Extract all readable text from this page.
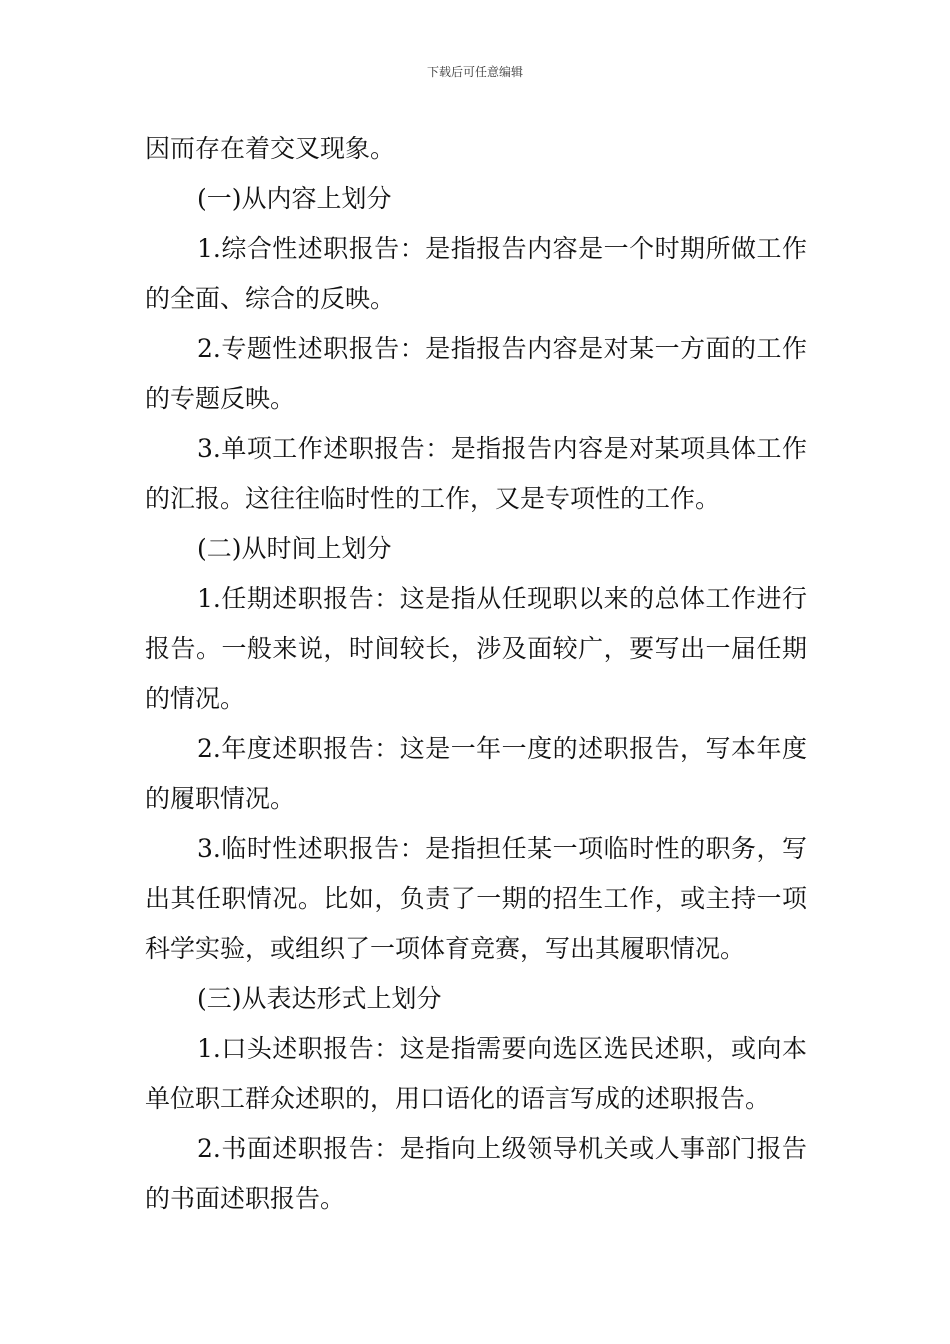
下载后可任意编辑

因而存在着交叉现象。

(一)从内容上划分

1.综合性述职报告：是指报告内容是一个时期所做工作的全面、综合的反映。

2.专题性述职报告：是指报告内容是对某一方面的工作的专题反映。

3.单项工作述职报告：是指报告内容是对某项具体工作的汇报。这往往临时性的工作，又是专项性的工作。

(二)从时间上划分

1.任期述职报告：这是指从任现职以来的总体工作进行报告。一般来说，时间较长，涉及面较广，要写出一届任期的情况。

2.年度述职报告：这是一年一度的述职报告，写本年度的履职情况。

3.临时性述职报告：是指担任某一项临时性的职务，写出其任职情况。比如，负责了一期的招生工作，或主持一项科学实验，或组织了一项体育竞赛，写出其履职情况。

(三)从表达形式上划分

1.口头述职报告：这是指需要向选区选民述职，或向本单位职工群众述职的，用口语化的语言写成的述职报告。

2.书面述职报告：是指向上级领导机关或人事部门报告的书面述职报告。
